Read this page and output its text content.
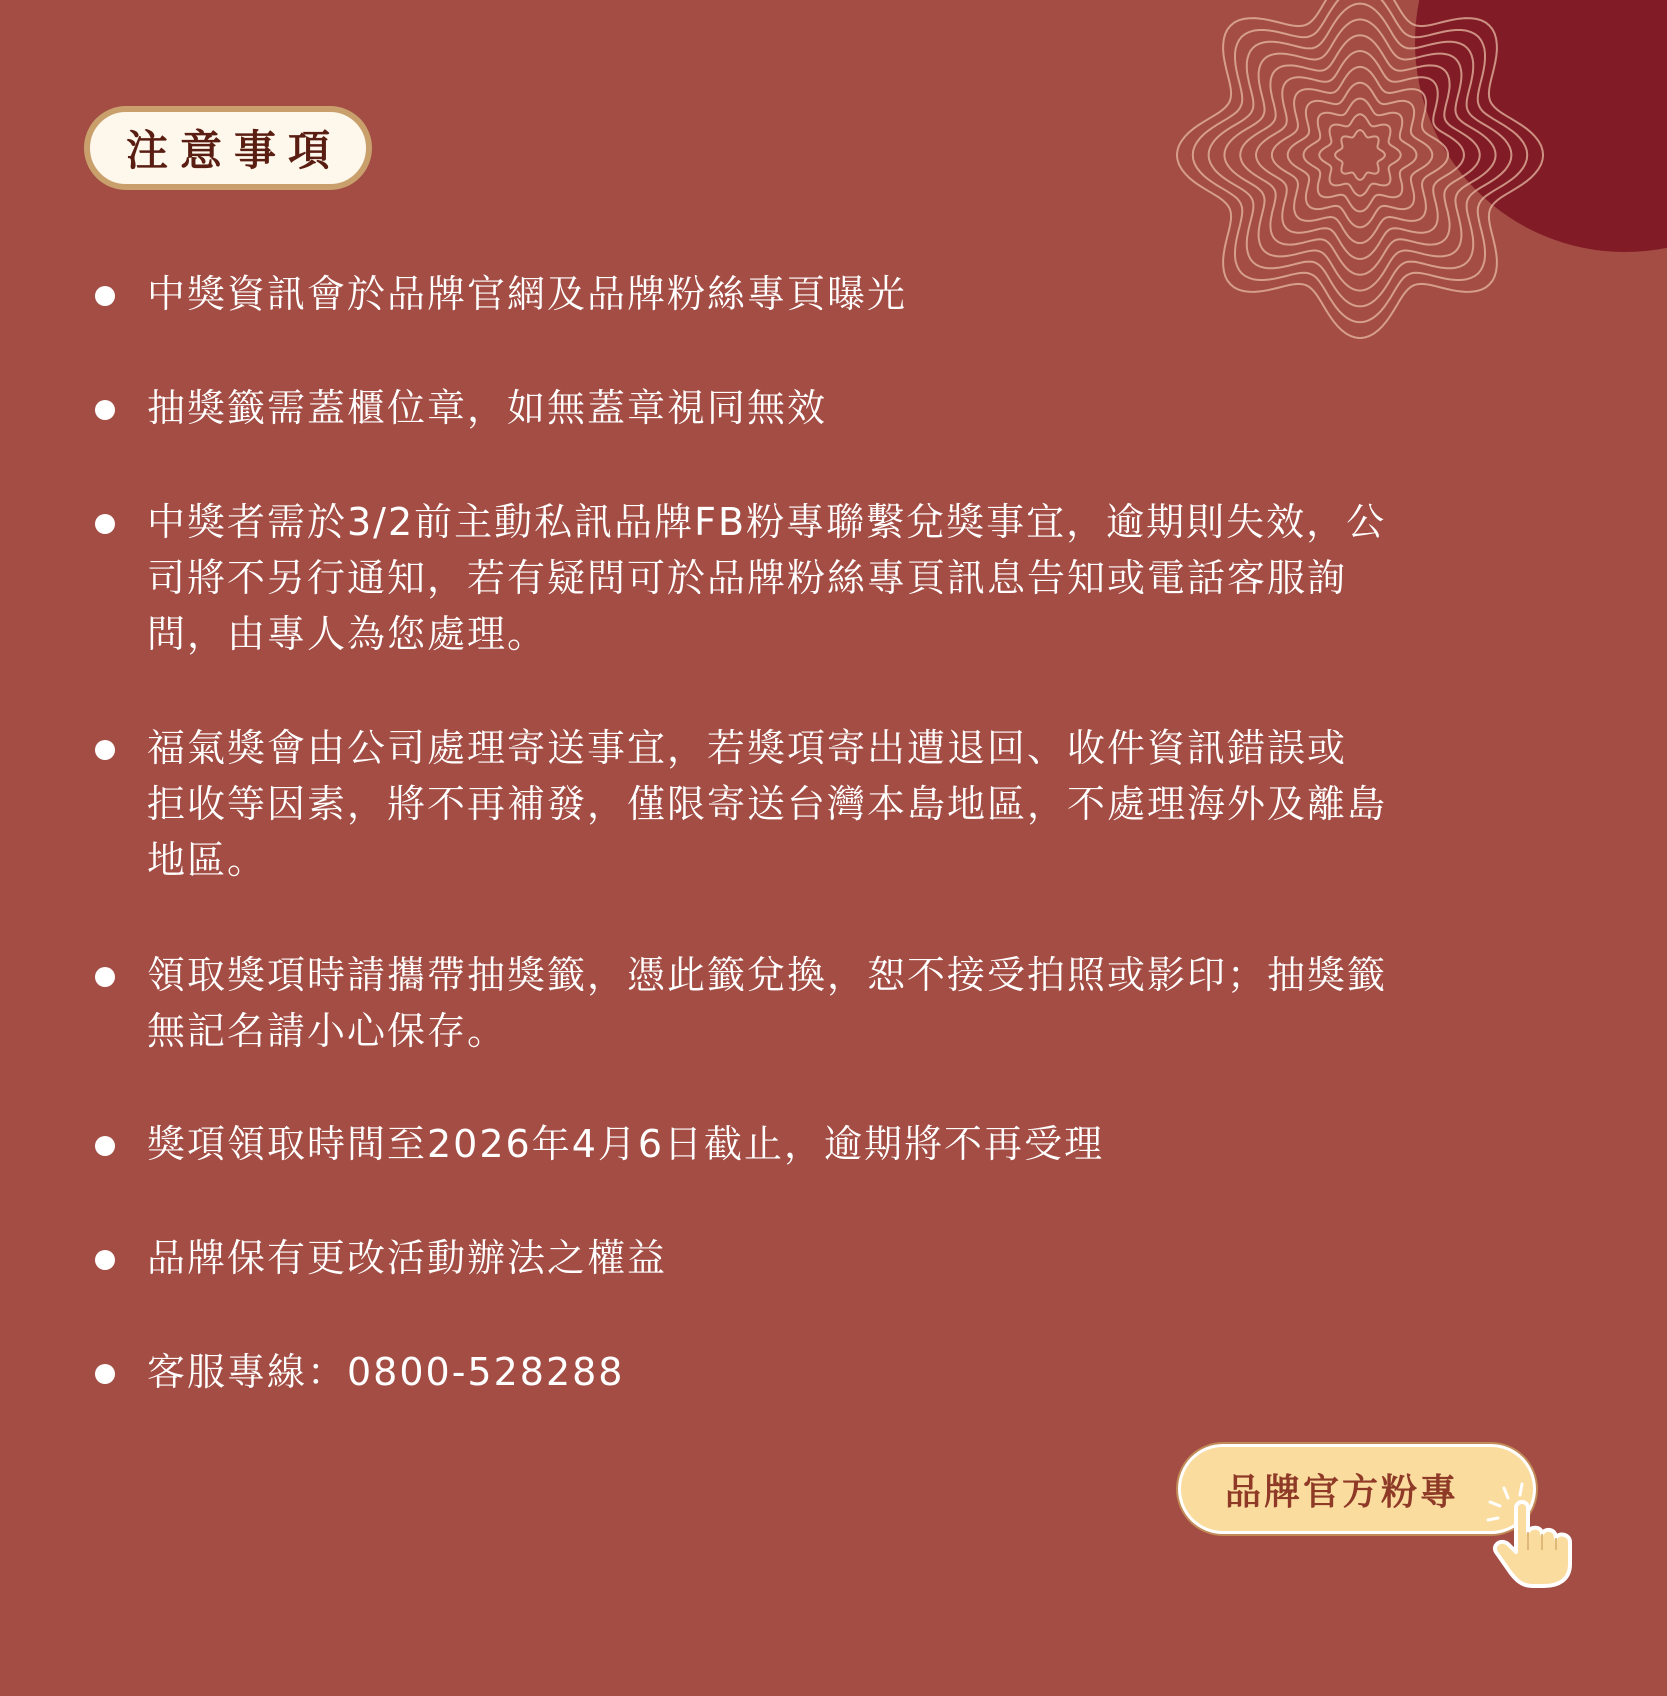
注意事項
中獎資訊會於品牌官網及品牌粉絲專頁曝光
抽獎籤需蓋櫃位章，如無蓋章視同無效
中獎者需於3/2前主動私訊品牌FB粉專聯繫兌獎事宜，逾期則失效，公
司將不另行通知，若有疑問可於品牌粉絲專頁訊息告知或電話客服詢
問，由專人為您處理。
福氣獎會由公司處理寄送事宜，若獎項寄出遭退回、收件資訊錯誤或
拒收等因素，將不再補發，僅限寄送台灣本島地區，不處理海外及離島
地區。
領取獎項時請攜帶抽獎籤，憑此籤兌換，恕不接受拍照或影印；抽獎籤
無記名請小心保存。
獎項領取時間至2026年4月6日截止，逾期將不再受理
品牌保有更改活動辦法之權益
客服專線：0800-528288
品牌官方粉專
